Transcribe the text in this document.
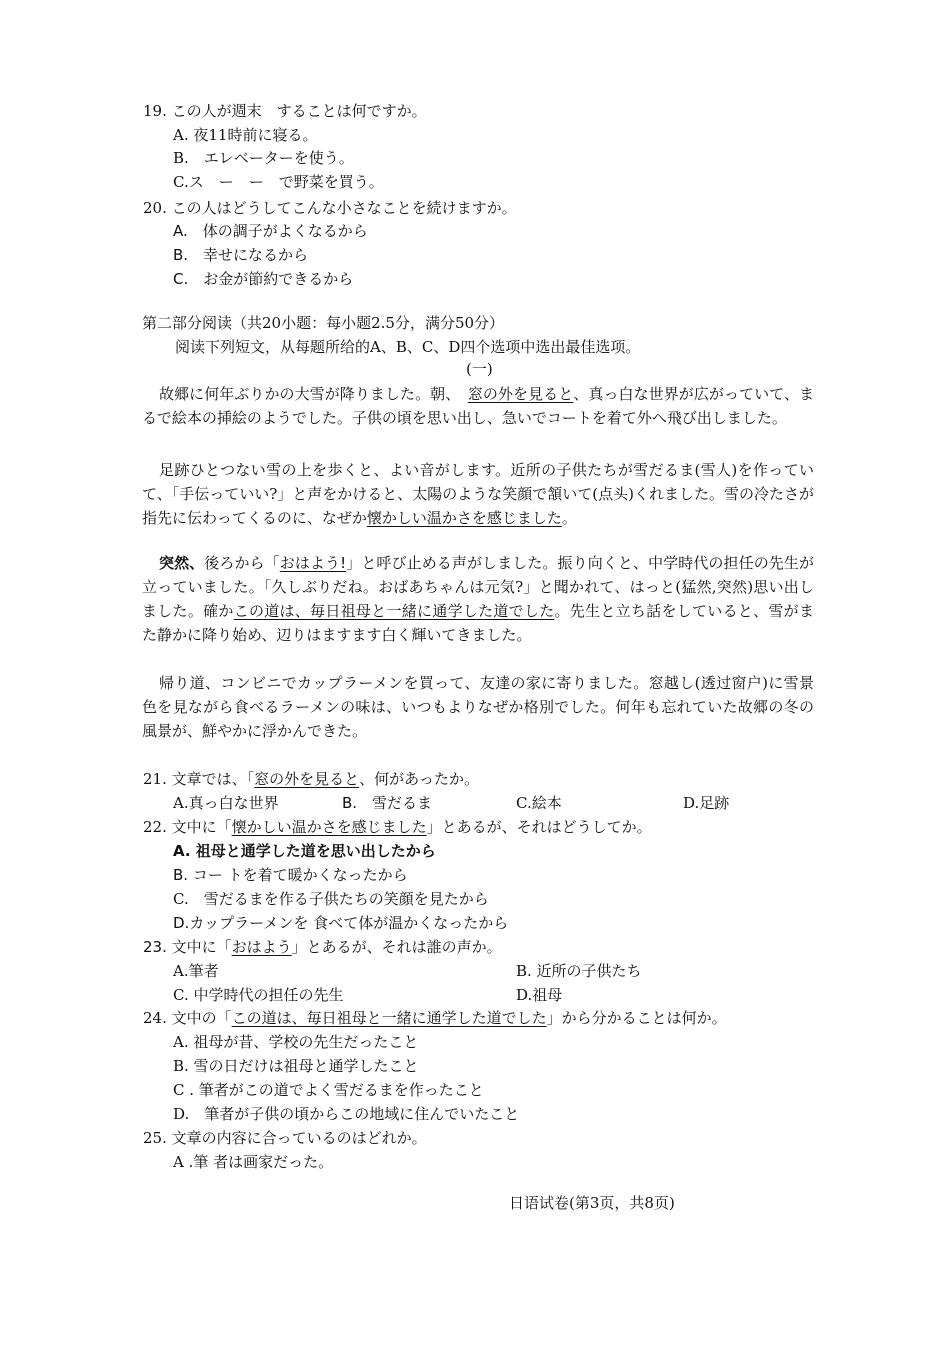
19. この人が週末　することは何ですか。
A. 夜11時前に寝る。
B.　エレベーターを使う。
C.ス　ー　ー　で野菜を買う。
20. この人はどうしてこんな小さなことを続けますか。
A.　体の調子がよくなるから
B.　幸せになるから
C.　お金が節約できるから
第二部分阅读（共20小题：每小题2.5分，满分50分）
阅读下列短文，从每题所给的A、B、C、D四个选项中选出最佳选项。
(一)
故郷に何年ぶりかの大雪が降りました。朝、　窓の外を見ると、真っ白な世界が広がっていて、まるで絵本の挿絵のようでした。子供の頃を思い出し、急いでコートを着て外へ飛び出しました。
足跡ひとつない雪の上を歩くと、よい音がします。近所の子供たちが雪だるま(雪人)を作っていて、「手伝っていい?」と声をかけると、太陽のような笑顔で頷いて(点头)くれました。雪の冷たさが指先に伝わってくるのに、なぜか懐かしい温かさを感じました。
突然、後ろから「おはよう!」と呼び止める声がしました。振り向くと、中学時代の担任の先生が立っていました。「久しぶりだね。おばあちゃんは元気?」と聞かれて、はっと(猛然,突然)思い出しました。確かこの道は、毎日祖母と一緒に通学した道でした。先生と立ち話をしていると、雪がまた静かに降り始め、辺りはますます白く輝いてきました。
帰り道、コンビニでカップラーメンを買って、友達の家に寄りました。窓越し(透过窗户)に雪景色を見ながら食べるラーメンの味は、いつもよりなぜか格別でした。何年も忘れていた故郷の冬の風景が、鮮やかに浮かんできた。
21. 文章では、「窓の外を見ると、何があったか。
A.真っ白な世界	B.　雪だるま	C.絵本	D.足跡
22. 文中に「懐かしい温かさを感じました」とあるが、それはどうしてか。
A. 祖母と通学した道を思い出したから
B. コー トを着て暖かくなったから
C.　雪だるまを作る子供たちの笑顔を見たから
D.カップラーメンを 食べて体が温かくなったから
23. 文中に「おはよう」とあるが、それは誰の声か。
A.筆者	B. 近所の子供たち
C. 中学時代の担任の先生	D.祖母
24. 文中の「この道は、毎日祖母と一緒に通学した道でした」から分かることは何か。
A. 祖母が昔、学校の先生だったこと
B. 雪の日だけは祖母と通学したこと
C . 筆者がこの道でよく雪だるまを作ったこと
D.　筆者が子供の頃からこの地域に住んでいたこと
25. 文章の内容に合っているのはどれか。
A .筆 者は画家だった。
日语试卷(第3页，共8页)
